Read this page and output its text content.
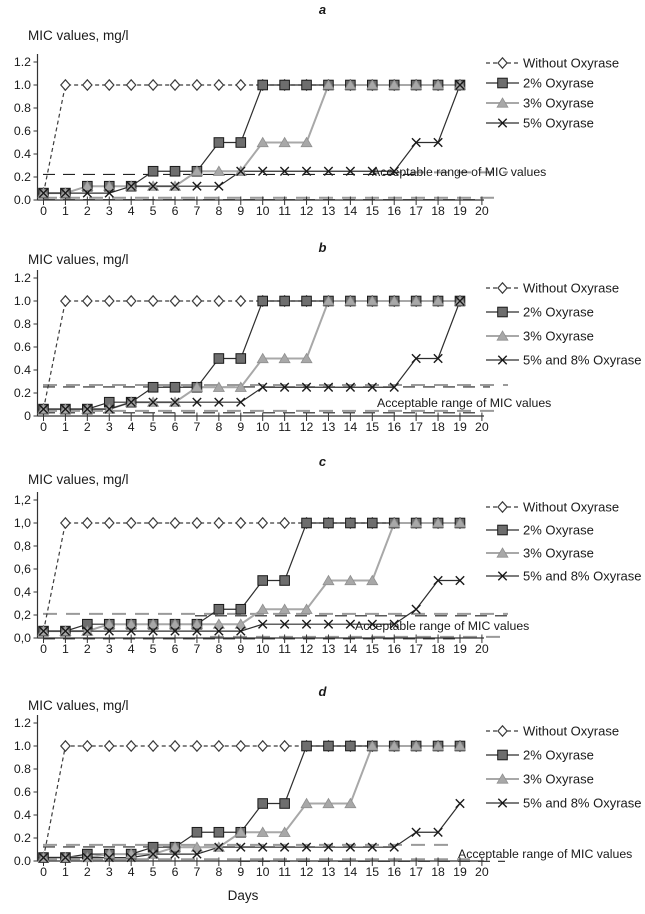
a
MIC values, mg/l
1.2
1.0
0.8
0.6
0.4
0.2
0.0
0 1 2 3 4 5 6 7 8 9 10 11 12 13 14 15 16 17 18 19 20
Without Oxyrase
2% Oxyrase
3% Oxyrase
5% Oxyrase
Acceptable range of MIC values
b
MIC values, mg/l
1.2
1.0
0.8
0.6
0.4
0.2
0
0 1 2 3 4 5 6 7 8 9 10 11 12 13 14 15 16 17 18 19 20
Without Oxyrase
2% Oxyrase
3% Oxyrase
5% and 8% Oxyrase
Acceptable range of MIC values
c
MIC values, mg/l
1,2
1,0
0,8
0,6
0,4
0,2
0,0
0 1 2 3 4 5 6 7 8 9 10 11 12 13 14 15 16 17 18 19 20
Without Oxyrase
2% Oxyrase
3% Oxyrase
5% and 8% Oxyrase
Acceptable range of MIC values
d
MIC values, mg/l
1.2
1.0
0.8
0.6
0.4
0.2
0.0
0 1 2 3 4 5 6 7 8 9 10 11 12 13 14 15 16 17 18 19 20
Without Oxyrase
2% Oxyrase
3% Oxyrase
5% and 8% Oxyrase
Acceptable range of MIC values
Days
